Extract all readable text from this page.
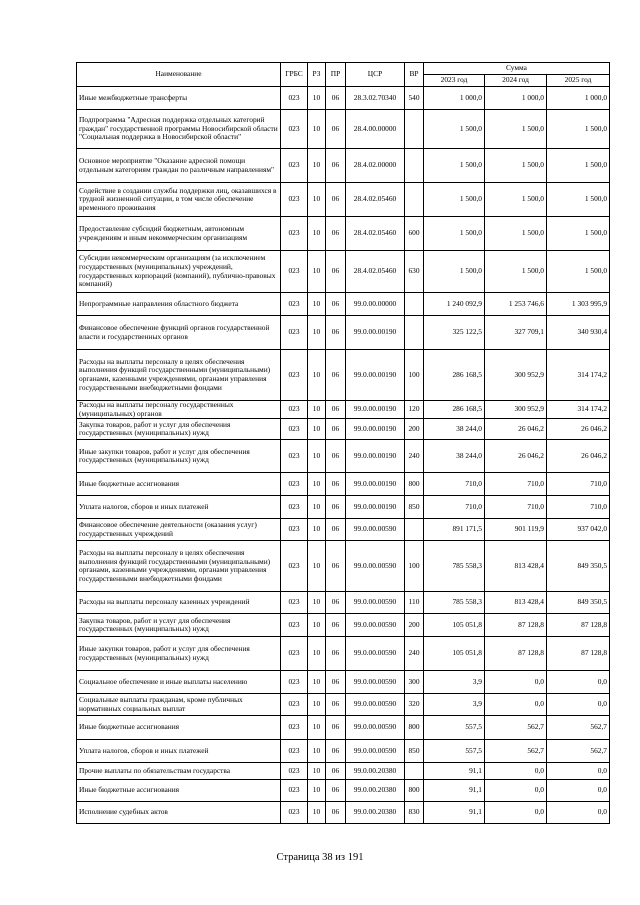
Наименование	ГРБС	РЗ	ПР	ЦСР	ВР	Сумма		
						2023 год	2024 год	2025 год
Иные межбюджетные трансферты	023	10	06	28.3.02.70340	540	1 000,0	1 000,0	1 000,0
Подпрограмма "Адресная поддержка отдельных категорий граждан" государственной программы Новосибирской области "Социальная поддержка в Новосибирской области"	023	10	06	28.4.00.00000		1 500,0	1 500,0	1 500,0
Основное мероприятие "Оказание адресной помощи отдельным категориям граждан по различным направлениям"	023	10	06	28.4.02.00000		1 500,0	1 500,0	1 500,0
Содействие в создании службы поддержки лиц, оказавшихся в трудной жизненной ситуации, в том числе обеспечение временного проживания	023	10	06	28.4.02.05460		1 500,0	1 500,0	1 500,0
Предоставление субсидий бюджетным, автономным учреждениям и иным некоммерческим организациям	023	10	06	28.4.02.05460	600	1 500,0	1 500,0	1 500,0
Субсидии некоммерческим организациям (за исключением государственных (муниципальных) учреждений, государственных корпораций (компаний), публично-правовых компаний)	023	10	06	28.4.02.05460	630	1 500,0	1 500,0	1 500,0
Непрограммные направления областного бюджета	023	10	06	99.0.00.00000		1 240 092,9	1 253 746,6	1 303 995,9
Финансовое обеспечение функций органов государственной власти и государственных органов	023	10	06	99.0.00.00190		325 122,5	327 709,1	340 930,4
Расходы на выплаты персоналу в целях обеспечения выполнения функций государственными (муниципальными) органами, казенными учреждениями, органами управления государственными внебюджетными фондами	023	10	06	99.0.00.00190	100	286 168,5	300 952,9	314 174,2
Расходы на выплаты персоналу государственных (муниципальных) органов	023	10	06	99.0.00.00190	120	286 168,5	300 952,9	314 174,2
Закупка товаров, работ и услуг для обеспечения государственных (муниципальных) нужд	023	10	06	99.0.00.00190	200	38 244,0	26 046,2	26 046,2
Иные закупки товаров, работ и услуг для обеспечения государственных (муниципальных) нужд	023	10	06	99.0.00.00190	240	38 244,0	26 046,2	26 046,2
Иные бюджетные ассигнования	023	10	06	99.0.00.00190	800	710,0	710,0	710,0
Уплата налогов, сборов и иных платежей	023	10	06	99.0.00.00190	850	710,0	710,0	710,0
Финансовое обеспечение деятельности (оказания услуг) государственных учреждений	023	10	06	99.0.00.00590		891 171,5	901 119,9	937 042,0
Расходы на выплаты персоналу в целях обеспечения выполнения функций государственными (муниципальными) органами, казенными учреждениями, органами управления государственными внебюджетными фондами	023	10	06	99.0.00.00590	100	785 558,3	813 428,4	849 350,5
Расходы на выплаты персоналу казенных учреждений	023	10	06	99.0.00.00590	110	785 558,3	813 428,4	849 350,5
Закупка товаров, работ и услуг для обеспечения государственных (муниципальных) нужд	023	10	06	99.0.00.00590	200	105 051,8	87 128,8	87 128,8
Иные закупки товаров, работ и услуг для обеспечения государственных (муниципальных) нужд	023	10	06	99.0.00.00590	240	105 051,8	87 128,8	87 128,8
Социальное обеспечение и иные выплаты населению	023	10	06	99.0.00.00590	300	3,9	0,0	0,0
Социальные выплаты гражданам, кроме публичных нормативных социальных выплат	023	10	06	99.0.00.00590	320	3,9	0,0	0,0
Иные бюджетные ассигнования	023	10	06	99.0.00.00590	800	557,5	562,7	562,7
Уплата налогов, сборов и иных платежей	023	10	06	99.0.00.00590	850	557,5	562,7	562,7
Прочие выплаты по обязательствам государства	023	10	06	99.0.00.20380		91,1	0,0	0,0
Иные бюджетные ассигнования	023	10	06	99.0.00.20380	800	91,1	0,0	0,0
Исполнение судебных актов	023	10	06	99.0.00.20380	830	91,1	0,0	0,0
Страница 38 из 191
